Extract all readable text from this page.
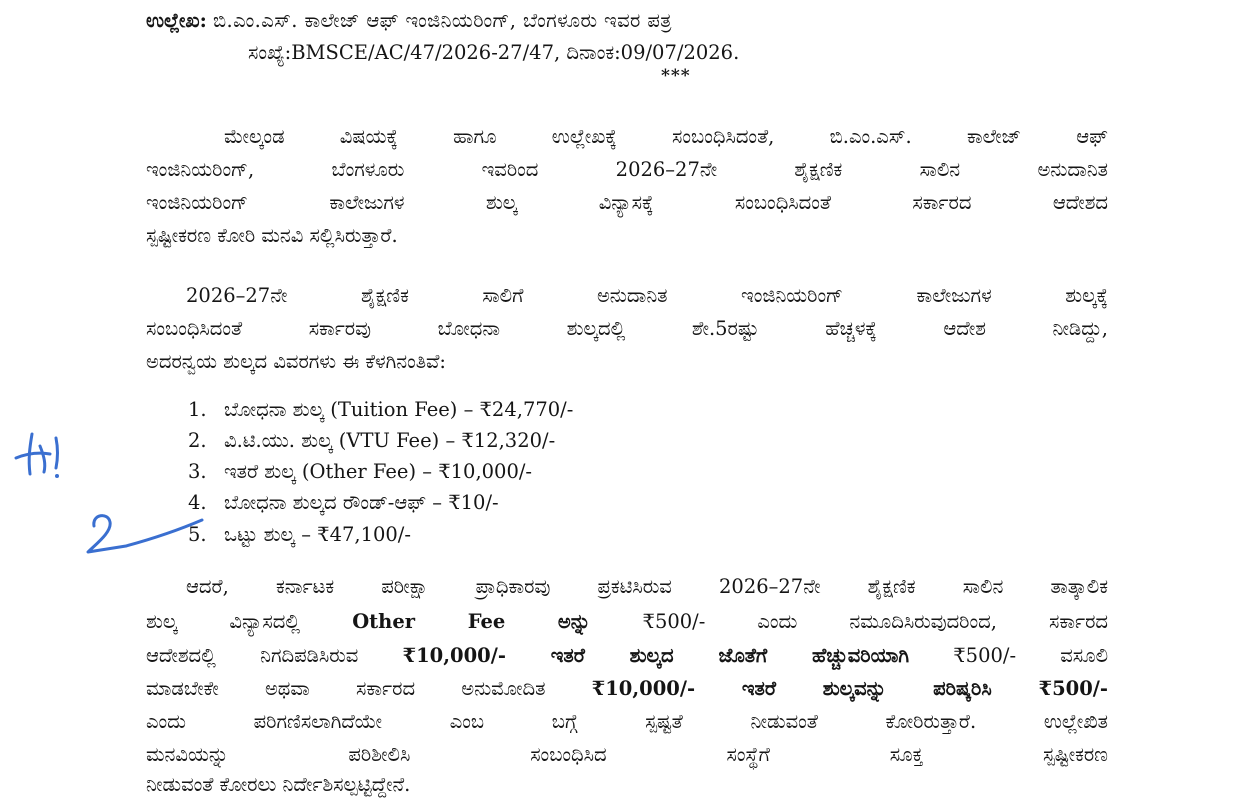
ಉಲ್ಲೇಖ: ಬಿ.ಎಂ.ಎಸ್. ಕಾಲೇಜ್ ಆಫ್ ಇಂಜಿನಿಯರಿಂಗ್, ಬೆಂಗಳೂರು ಇವರ ಪತ್ರ
ಸಂಖ್ಯೆ:BMSCE/AC/47/2026-27/47, ದಿನಾಂಕ:09/07/2026.
***
ಮೇಲ್ಕಂಡ ವಿಷಯಕ್ಕೆ ಹಾಗೂ ಉಲ್ಲೇಖಕ್ಕೆ ಸಂಬಂಧಿಸಿದಂತೆ, ಬಿ.ಎಂ.ಎಸ್. ಕಾಲೇಜ್ ಆಫ್
ಇಂಜಿನಿಯರಿಂಗ್, ಬೆಂಗಳೂರು ಇವರಿಂದ 2026–27ನೇ ಶೈಕ್ಷಣಿಕ ಸಾಲಿನ ಅನುದಾನಿತ
ಇಂಜಿನಿಯರಿಂಗ್ ಕಾಲೇಜುಗಳ ಶುಲ್ಕ ವಿನ್ಯಾಸಕ್ಕೆ ಸಂಬಂಧಿಸಿದಂತೆ ಸರ್ಕಾರದ ಆದೇಶದ
ಸ್ಪಷ್ಟೀಕರಣ ಕೋರಿ ಮನವಿ ಸಲ್ಲಿಸಿರುತ್ತಾರೆ.
2026–27ನೇ ಶೈಕ್ಷಣಿಕ ಸಾಲಿಗೆ ಅನುದಾನಿತ ಇಂಜಿನಿಯರಿಂಗ್ ಕಾಲೇಜುಗಳ ಶುಲ್ಕಕ್ಕೆ
ಸಂಬಂಧಿಸಿದಂತೆ ಸರ್ಕಾರವು ಬೋಧನಾ ಶುಲ್ಕದಲ್ಲಿ ಶೇ.5ರಷ್ಟು ಹೆಚ್ಚಳಕ್ಕೆ ಆದೇಶ ನೀಡಿದ್ದು,
ಅದರನ್ವಯ ಶುಲ್ಕದ ವಿವರಗಳು ಈ ಕೆಳಗಿನಂತಿವೆ:
1. ಬೋಧನಾ ಶುಲ್ಕ (Tuition Fee) – ₹24,770/-
2. ವಿ.ಟಿ.ಯು. ಶುಲ್ಕ (VTU Fee) – ₹12,320/-
3. ಇತರೆ ಶುಲ್ಕ (Other Fee) – ₹10,000/-
4. ಬೋಧನಾ ಶುಲ್ಕದ ರೌಂಡ್-ಆಫ್ – ₹10/-
5. ಒಟ್ಟು ಶುಲ್ಕ – ₹47,100/-
ಆದರೆ, ಕರ್ನಾಟಕ ಪರೀಕ್ಷಾ ಪ್ರಾಧಿಕಾರವು ಪ್ರಕಟಿಸಿರುವ 2026–27ನೇ ಶೈಕ್ಷಣಿಕ ಸಾಲಿನ ತಾತ್ಕಾಲಿಕ
ಶುಲ್ಕ ವಿನ್ಯಾಸದಲ್ಲಿ	Other Fee ಅನ್ನು	₹500/- ಎಂದು ನಮೂದಿಸಿರುವುದರಿಂದ, ಸರ್ಕಾರದ
ಆದೇಶದಲ್ಲಿ ನಿಗದಿಪಡಿಸಿರುವ ₹10,000/- ಇತರೆ ಶುಲ್ಕದ ಜೊತೆಗೆ ಹೆಚ್ಚುವರಿಯಾಗಿ ₹500/- ವಸೂಲಿ
ಮಾಡಬೇಕೇ ಅಥವಾ ಸರ್ಕಾರದ ಅನುಮೋದಿತ ₹10,000/- ಇತರೆ ಶುಲ್ಕವನ್ನು ಪರಿಷ್ಕರಿಸಿ ₹500/-
ಎಂದು ಪರಿಗಣಿಸಲಾಗಿದೆಯೇ ಎಂಬ ಬಗ್ಗೆ ಸ್ಪಷ್ಟತೆ ನೀಡುವಂತೆ ಕೋರಿರುತ್ತಾರೆ. ಉಲ್ಲೇಖಿತ
ಮನವಿಯನ್ನು ಪರಿಶೀಲಿಸಿ ಸಂಬಂಧಿಸಿದ ಸಂಸ್ಥೆಗೆ ಸೂಕ್ತ ಸ್ಪಷ್ಟೀಕರಣ
ನೀಡುವಂತೆ ಕೋರಲು ನಿರ್ದೇಶಿಸಲ್ಪಟ್ಟಿದ್ದೇನೆ.
